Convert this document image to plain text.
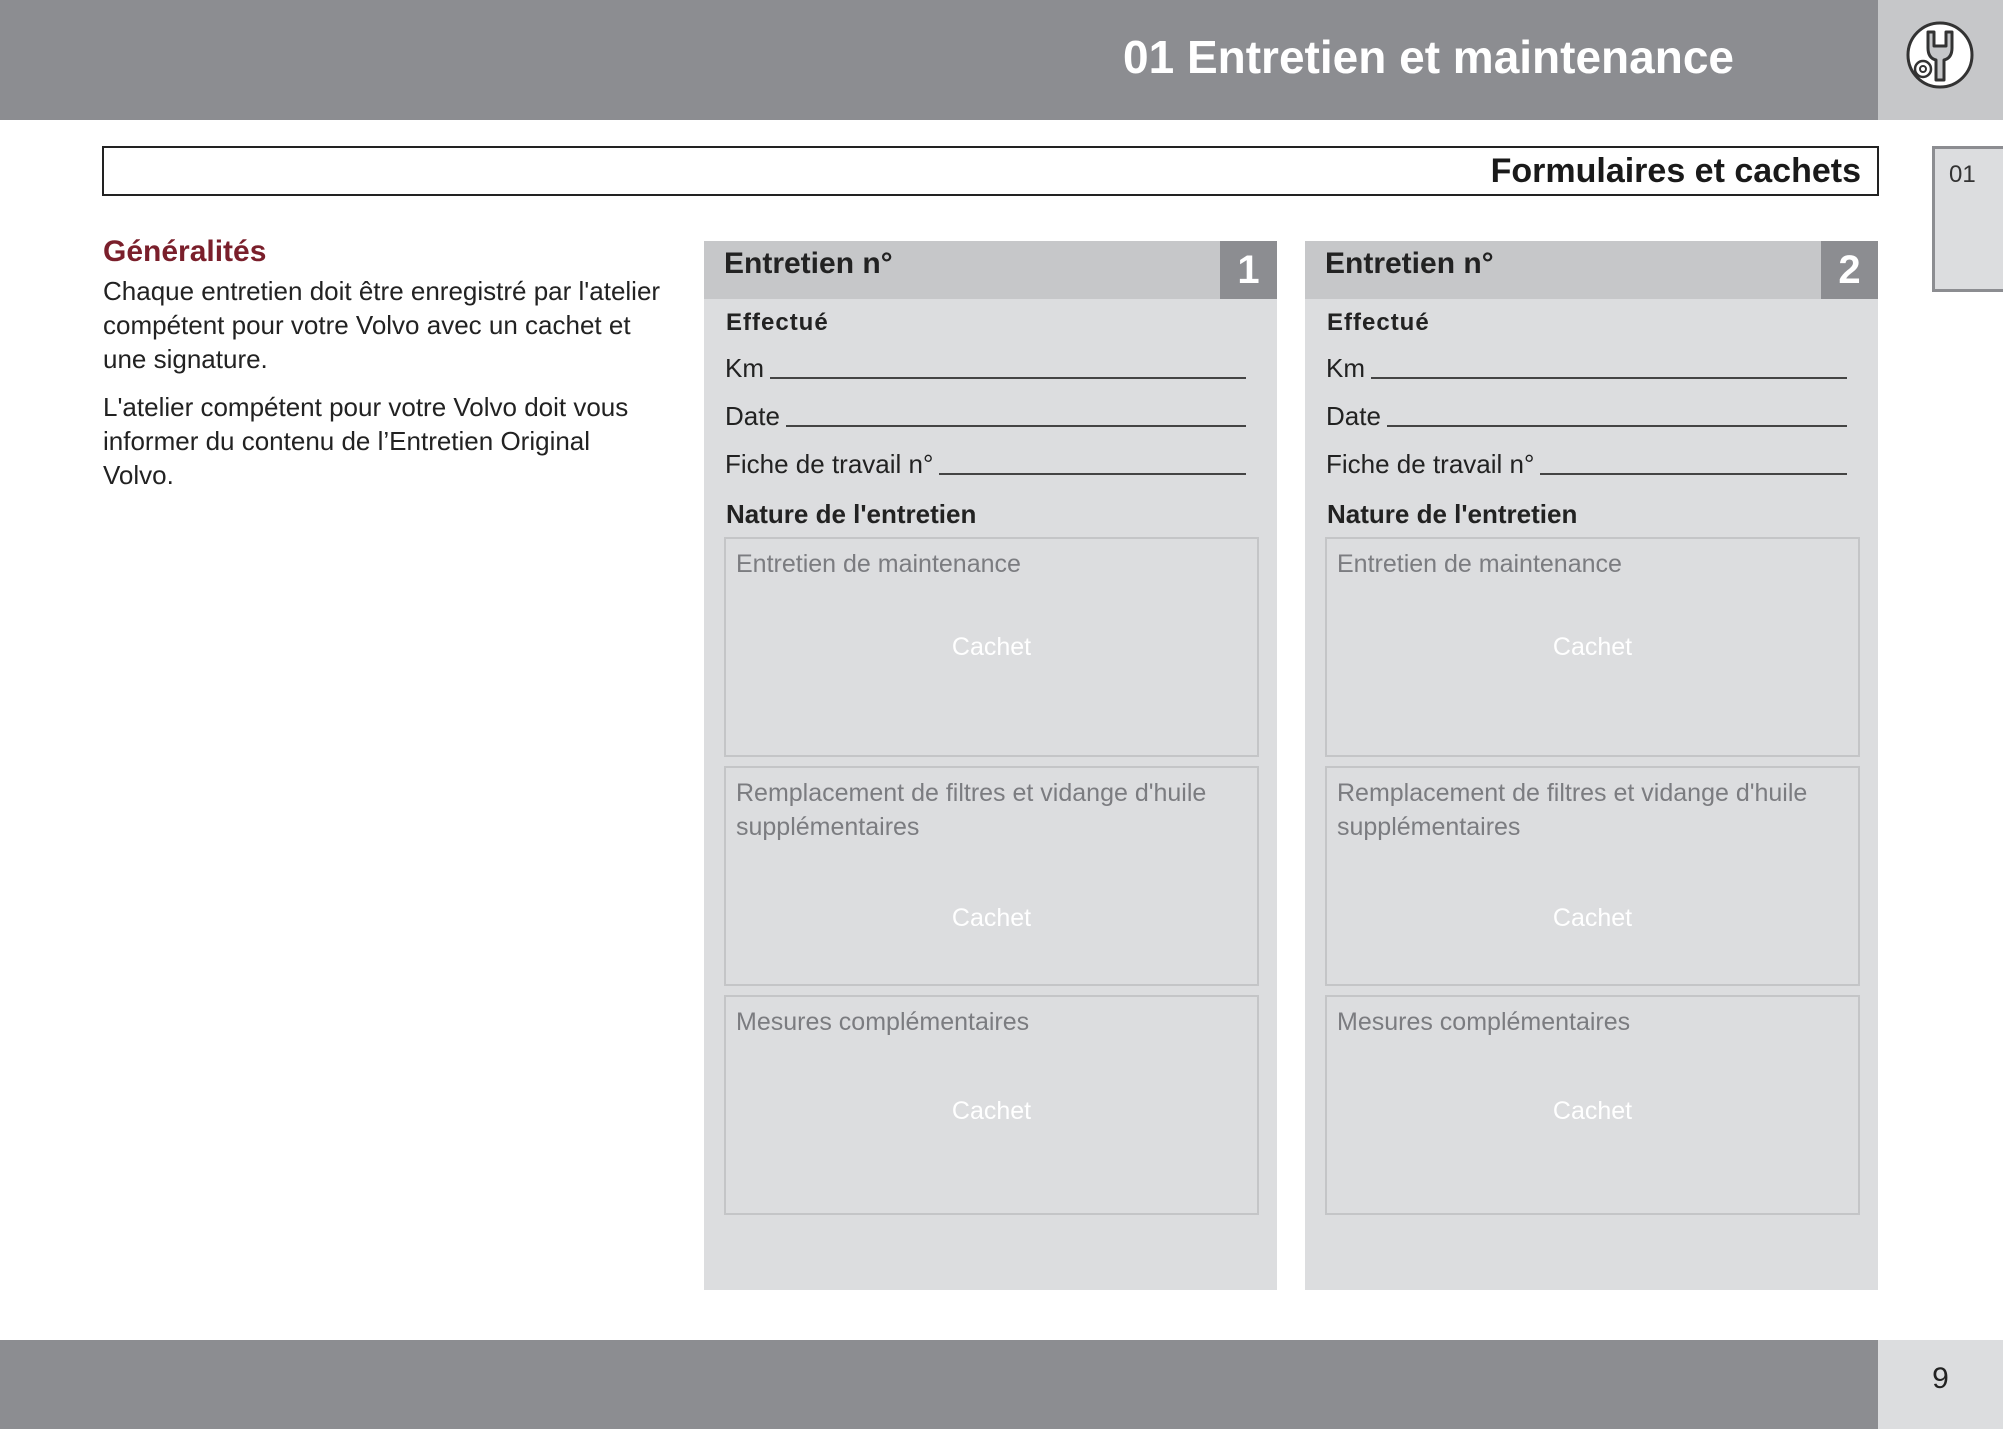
01 Entretien et maintenance
01
Formulaires et cachets
Généralités

Chaque entretien doit être enregistré par l'atelier compétent pour votre Volvo avec un cachet et une signature.

L'atelier compétent pour votre Volvo doit vous informer du contenu de l’Entretien Original Volvo.

Entretien n°	1
Effectué
Km
Date
Fiche de travail n°
Nature de l'entretien
Entretien de maintenance
Cachet
Remplacement de filtres et vidange d'huile supplémentaires
Cachet
Mesures complémentaires
Cachet
Entretien n°	2
Effectué
Km
Date
Fiche de travail n°
Nature de l'entretien
Entretien de maintenance
Cachet
Remplacement de filtres et vidange d'huile supplémentaires
Cachet
Mesures complémentaires
Cachet
9
